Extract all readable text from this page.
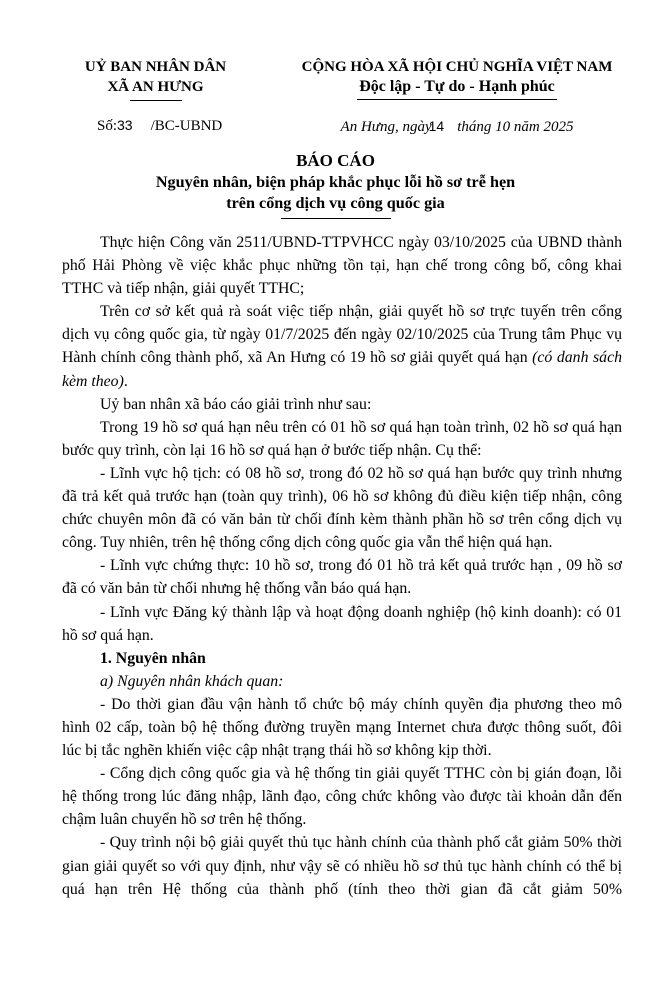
UỶ BAN NHÂN DÂN
XÃ AN HƯNG
Số:33 /BC-UBND
CỘNG HÒA XÃ HỘI CHỦ NGHĨA VIỆT NAM
Độc lập - Tự do - Hạnh phúc
An Hưng, ngày14 tháng 10 năm 2025
BÁO CÁO
Nguyên nhân, biện pháp khắc phục lỗi hồ sơ trễ hẹn
trên cổng dịch vụ công quốc gia

Thực hiện Công văn 2511/UBND-TTPVHCC ngày 03/10/2025 của UBND thành phố Hải Phòng về việc khắc phục những tồn tại, hạn chế trong công bố, công khai TTHC và tiếp nhận, giải quyết TTHC;

Trên cơ sở kết quả rà soát việc tiếp nhận, giải quyết hồ sơ trực tuyến trên cổng dịch vụ công quốc gia, từ ngày 01/7/2025 đến ngày 02/10/2025 của Trung tâm Phục vụ Hành chính công thành phố, xã An Hưng có 19 hồ sơ giải quyết quá hạn (có danh sách kèm theo).

Uỷ ban nhân xã báo cáo giải trình như sau:

Trong 19 hồ sơ quá hạn nêu trên có 01 hồ sơ quá hạn toàn trình, 02 hồ sơ quá hạn bước quy trình, còn lại 16 hồ sơ quá hạn ở bước tiếp nhận. Cụ thể:

- Lĩnh vực hộ tịch: có 08 hồ sơ, trong đó 02 hồ sơ quá hạn bước quy trình nhưng đã trả kết quả trước hạn (toàn quy trình), 06 hồ sơ không đủ điều kiện tiếp nhận, công chức chuyên môn đã có văn bản từ chối đính kèm thành phần hồ sơ trên cổng dịch vụ công. Tuy nhiên, trên hệ thống cổng dịch công quốc gia vẫn thể hiện quá hạn.

- Lĩnh vực chứng thực: 10 hồ sơ, trong đó 01 hồ trả kết quả trước hạn , 09 hồ sơ đã có văn bản từ chối nhưng hệ thống vẫn báo quá hạn.

- Lĩnh vực Đăng ký thành lập và hoạt động doanh nghiệp (hộ kinh doanh): có 01 hồ sơ quá hạn.

1. Nguyên nhân

a) Nguyên nhân khách quan:

- Do thời gian đầu vận hành tổ chức bộ máy chính quyền địa phương theo mô hình 02 cấp, toàn bộ hệ thống đường truyền mạng Internet chưa được thông suốt, đôi lúc bị tắc nghẽn khiến việc cập nhật trạng thái hồ sơ không kịp thời.

- Cổng dịch công quốc gia và hệ thống tin giải quyết TTHC còn bị gián đoạn, lỗi hệ thống trong lúc đăng nhập, lãnh đạo, công chức không vào được tài khoản dẫn đến chậm luân chuyển hồ sơ trên hệ thống.

- Quy trình nội bộ giải quyết thủ tục hành chính của thành phố cắt giảm 50% thời gian giải quyết so với quy định, như vậy sẽ có nhiều hồ sơ thủ tục hành chính có thể bị quá hạn trên Hệ thống của thành phố (tính theo thời gian đã cắt giảm 50%
